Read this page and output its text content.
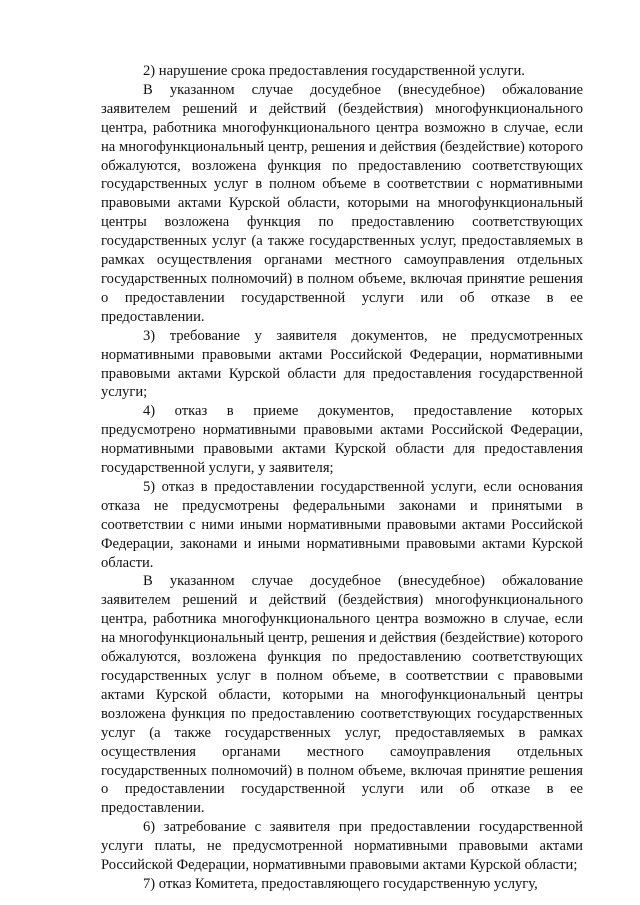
2) нарушение срока предоставления государственной услуги.

В указанном случае досудебное (внесудебное) обжалование заявителем решений и действий (бездействия) многофункционального центра, работника многофункционального центра возможно в случае, если на многофункциональный центр, решения и действия (бездействие) которого обжалуются, возложена функция по предоставлению соответствующих государственных услуг в полном объеме в соответствии с нормативными правовыми актами Курской области, которыми на многофункциональный центры возложена функция по предоставлению соответствующих государственных услуг (а также государственных услуг, предоставляемых в рамках осуществления органами местного самоуправления отдельных государственных полномочий) в полном объеме, включая принятие решения о предоставлении государственной услуги или об отказе в ее предоставлении.

3) требование у заявителя документов, не предусмотренных нормативными правовыми актами Российской Федерации, нормативными правовыми актами Курской области для предоставления государственной услуги;

4) отказ в приеме документов, предоставление которых предусмотрено нормативными правовыми актами Российской Федерации, нормативными правовыми актами Курской области для предоставления государственной услуги, у заявителя;

5) отказ в предоставлении государственной услуги, если основания отказа не предусмотрены федеральными законами и принятыми в соответствии с ними иными нормативными правовыми актами Российской Федерации, законами и иными нормативными правовыми актами Курской области.

В указанном случае досудебное (внесудебное) обжалование заявителем решений и действий (бездействия) многофункционального центра, работника многофункционального центра возможно в случае, если на многофункциональный центр, решения и действия (бездействие) которого обжалуются, возложена функция по предоставлению соответствующих государственных услуг в полном объеме, в соответствии с правовыми актами Курской области, которыми на многофункциональный центры возложена функция по предоставлению соответствующих государственных услуг (а также государственных услуг, предоставляемых в рамках осуществления органами местного самоуправления отдельных государственных полномочий) в полном объеме, включая принятие решения о предоставлении государственной услуги или об отказе в ее предоставлении.

6) затребование с заявителя при предоставлении государственной услуги платы, не предусмотренной нормативными правовыми актами Российской Федерации, нормативными правовыми актами Курской области;

7) отказ Комитета, предоставляющего государственную услугу,
